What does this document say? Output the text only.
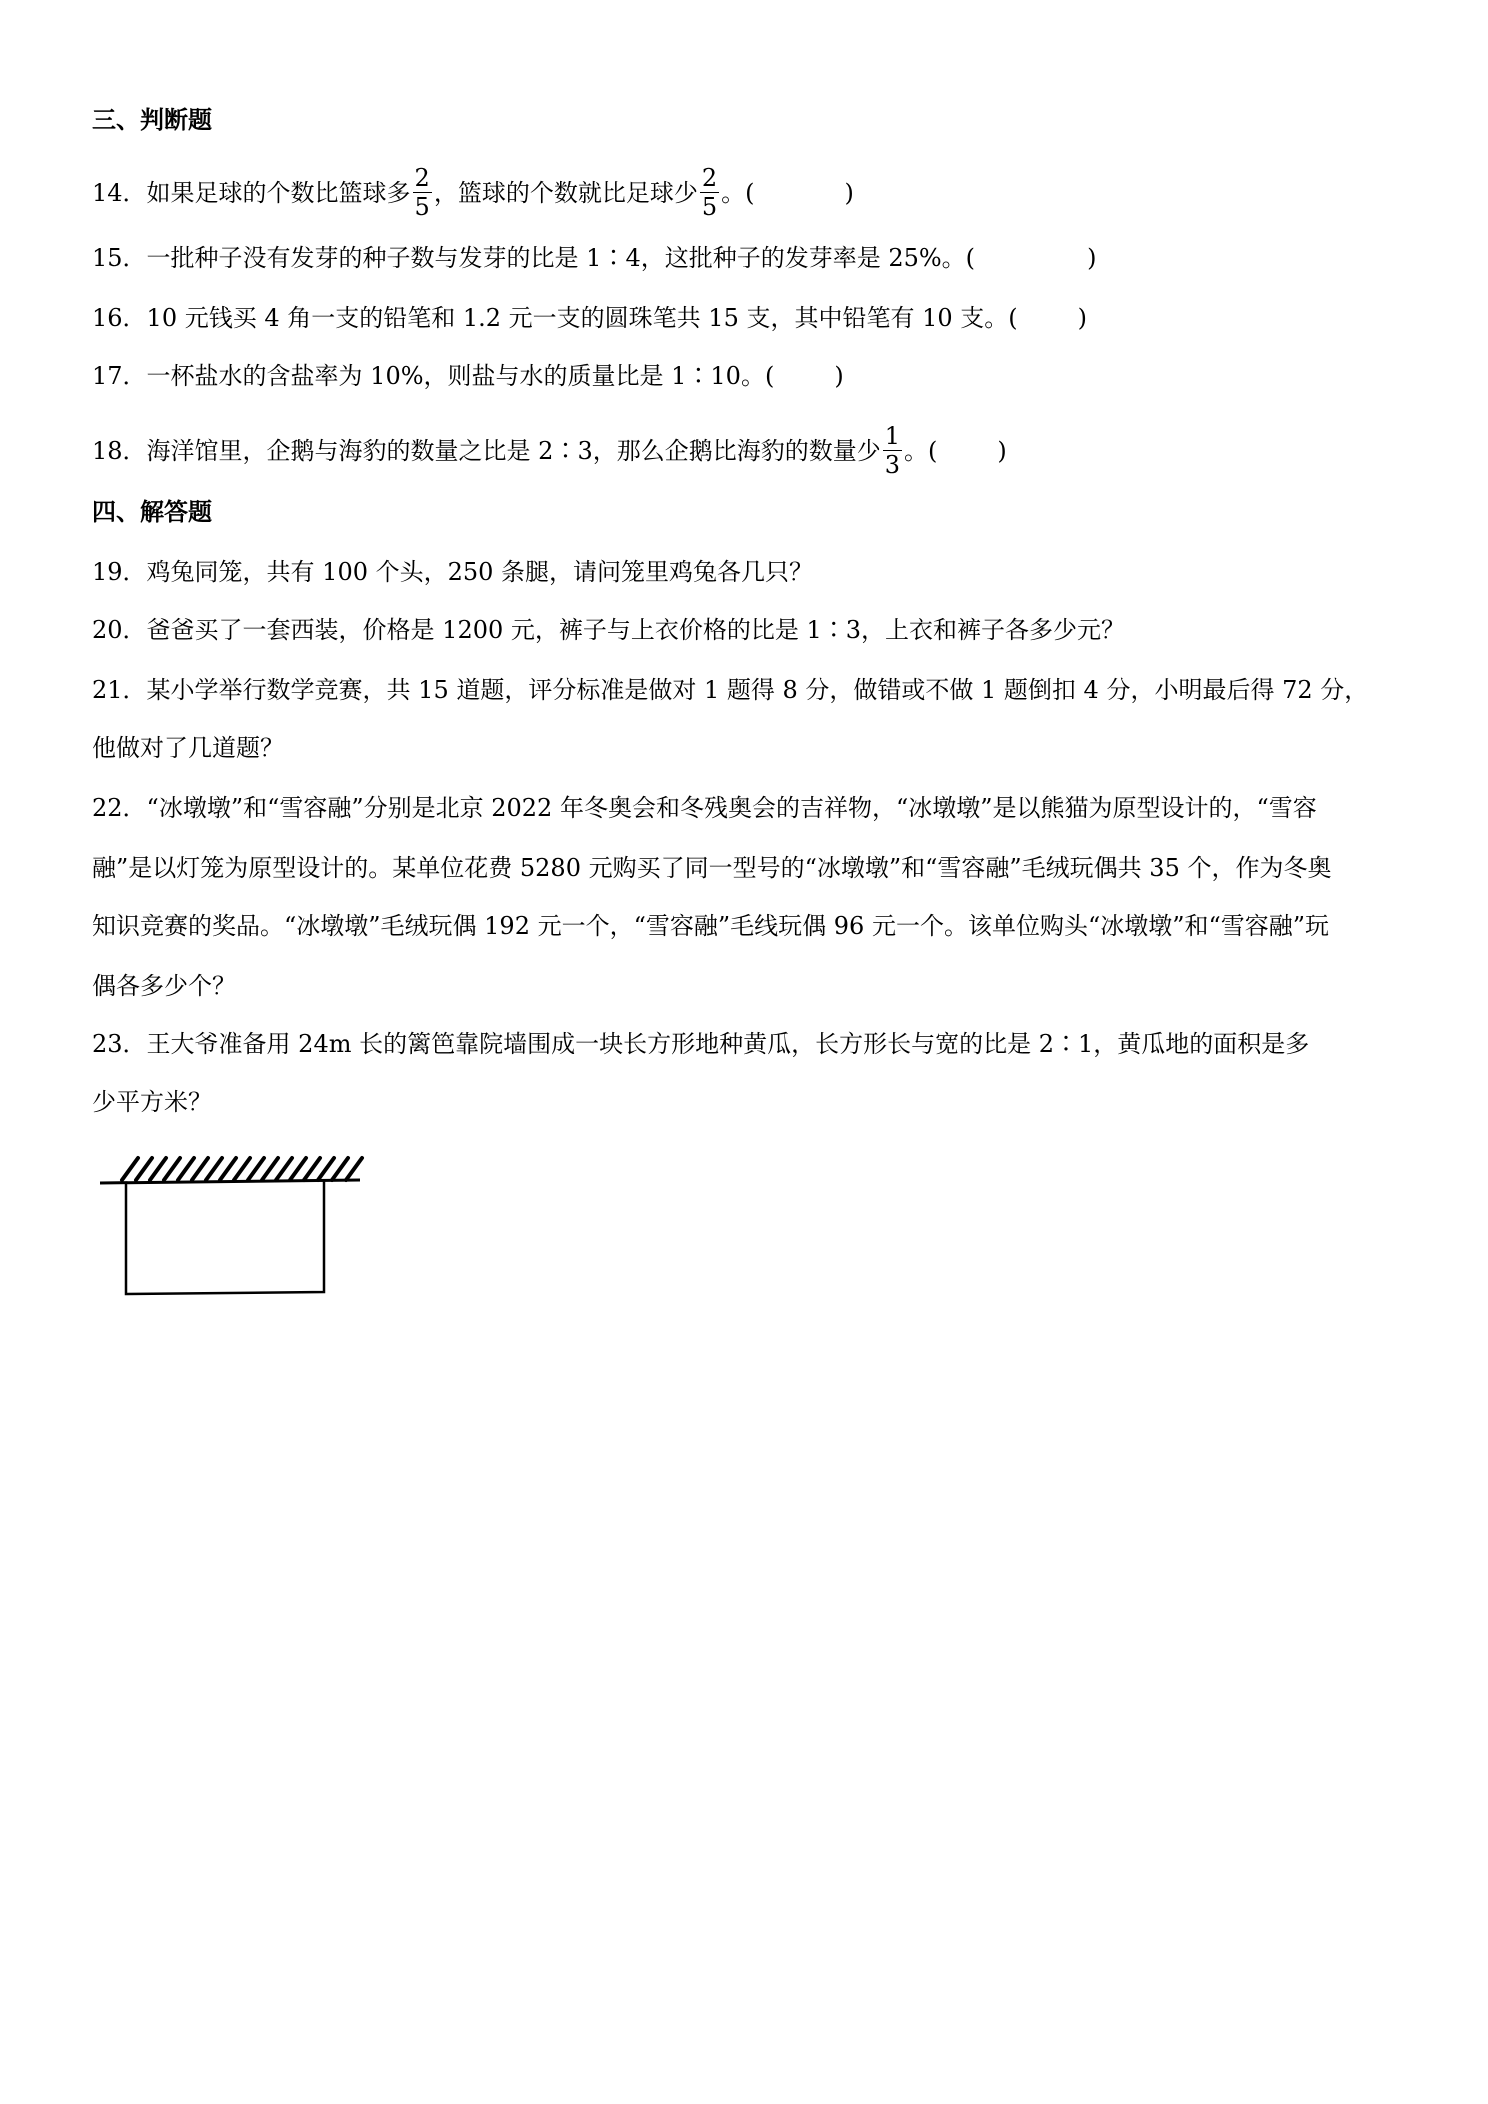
三、判断题
14．如果足球的个数比篮球多 $\frac{2}{5}$ ，篮球的个数就比足球少 $\frac{2}{5}$ 。(	)
15．一批种子没有发芽的种子数与发芽的比是 1∶4，这批种子的发芽率是 25%。(	)
16．10 元钱买 4 角一支的铅笔和 1.2 元一支的圆珠笔共 15 支，其中铅笔有 10 支。(	)
17．一杯盐水的含盐率为 10%，则盐与水的质量比是 1∶10。(	)
18．海洋馆里，企鹅与海豹的数量之比是 2∶3，那么企鹅比海豹的数量少 $\frac{1}{3}$ 。(	)
四、解答题
19．鸡兔同笼，共有 100 个头，250 条腿，请问笼里鸡兔各几只？
20．爸爸买了一套西装，价格是 1200 元，裤子与上衣价格的比是 1∶3，上衣和裤子各多少元？
21．某小学举行数学竞赛，共 15 道题，评分标准是做对 1 题得 8 分，做错或不做 1 题倒扣 4 分，小明最后得 72 分，
他做对了几道题？
22．“冰墩墩”和“雪容融”分别是北京 2022 年冬奥会和冬残奥会的吉祥物，“冰墩墩”是以熊猫为原型设计的，“雪容
融”是以灯笼为原型设计的。某单位花费 5280 元购买了同一型号的“冰墩墩”和“雪容融”毛绒玩偶共 35 个，作为冬奥
知识竞赛的奖品。“冰墩墩”毛绒玩偶 192 元一个，“雪容融”毛线玩偶 96 元一个。该单位购头“冰墩墩”和“雪容融”玩
偶各多少个？
23．王大爷准备用 24m 长的篱笆靠院墙围成一块长方形地种黄瓜，长方形长与宽的比是 2∶1，黄瓜地的面积是多
少平方米？
